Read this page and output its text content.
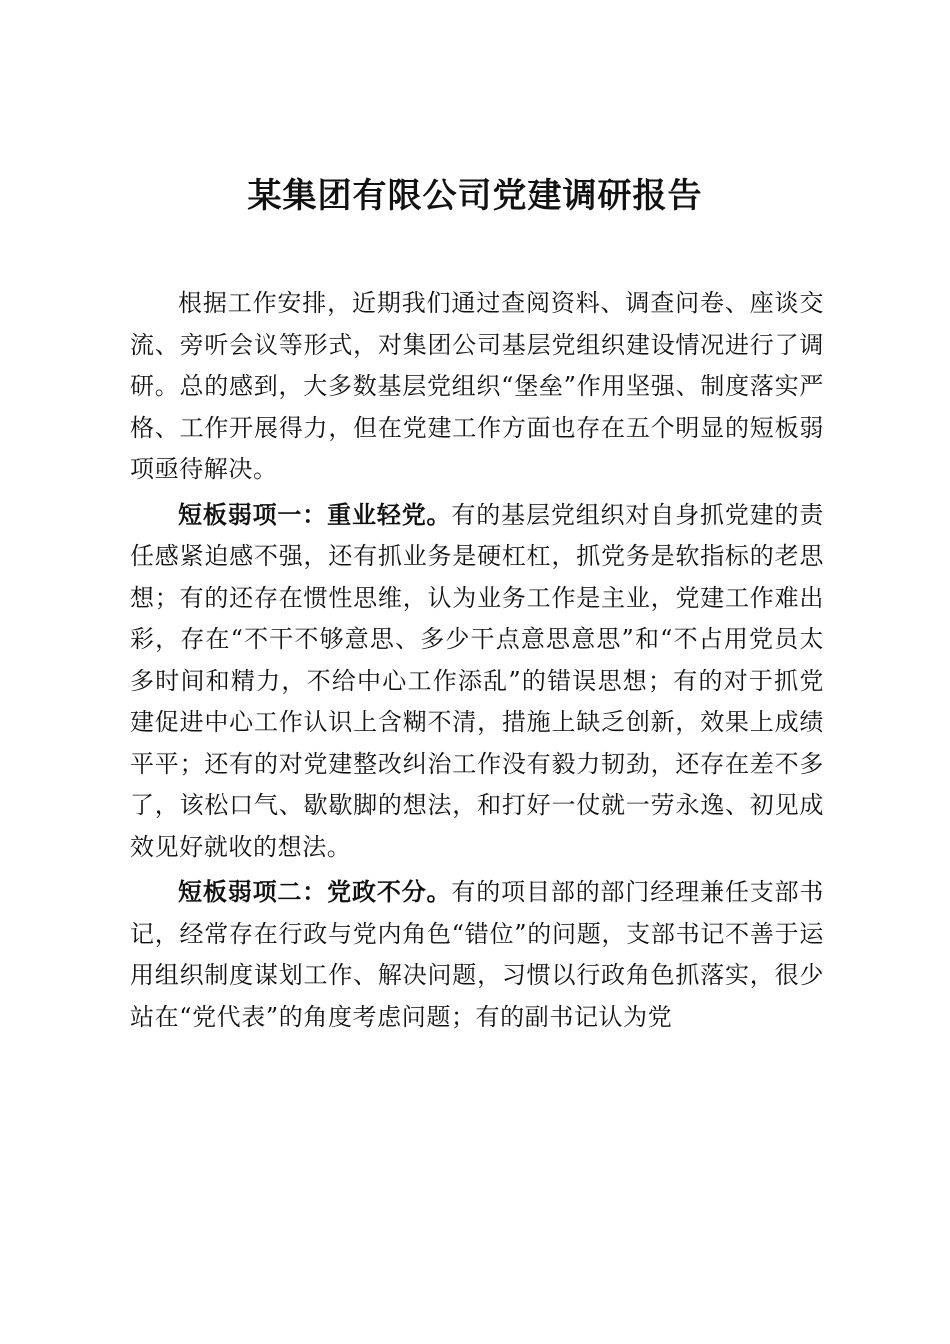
某集团有限公司党建调研报告

根据工作安排，近期我们通过查阅资料、调查问卷、座谈交流、旁听会议等形式，对集团公司基层党组织建设情况进行了调研。总的感到，大多数基层党组织“堡垒”作用坚强、制度落实严格、工作开展得力，但在党建工作方面也存在五个明显的短板弱项亟待解决。

短板弱项一：重业轻党。有的基层党组织对自身抓党建的责任感紧迫感不强，还有抓业务是硬杠杠，抓党务是软指标的老思想；有的还存在惯性思维，认为业务工作是主业，党建工作难出彩，存在“不干不够意思、多少干点意思意思”和“不占用党员太多时间和精力，不给中心工作添乱”的错误思想；有的对于抓党建促进中心工作认识上含糊不清，措施上缺乏创新，效果上成绩平平；还有的对党建整改纠治工作没有毅力韧劲，还存在差不多了，该松口气、歇歇脚的想法，和打好一仗就一劳永逸、初见成效见好就收的想法。

短板弱项二：党政不分。有的项目部的部门经理兼任支部书记，经常存在行政与党内角色“错位”的问题，支部书记不善于运用组织制度谋划工作、解决问题，习惯以行政角色抓落实，很少站在“党代表”的角度考虑问题；有的副书记认为党
